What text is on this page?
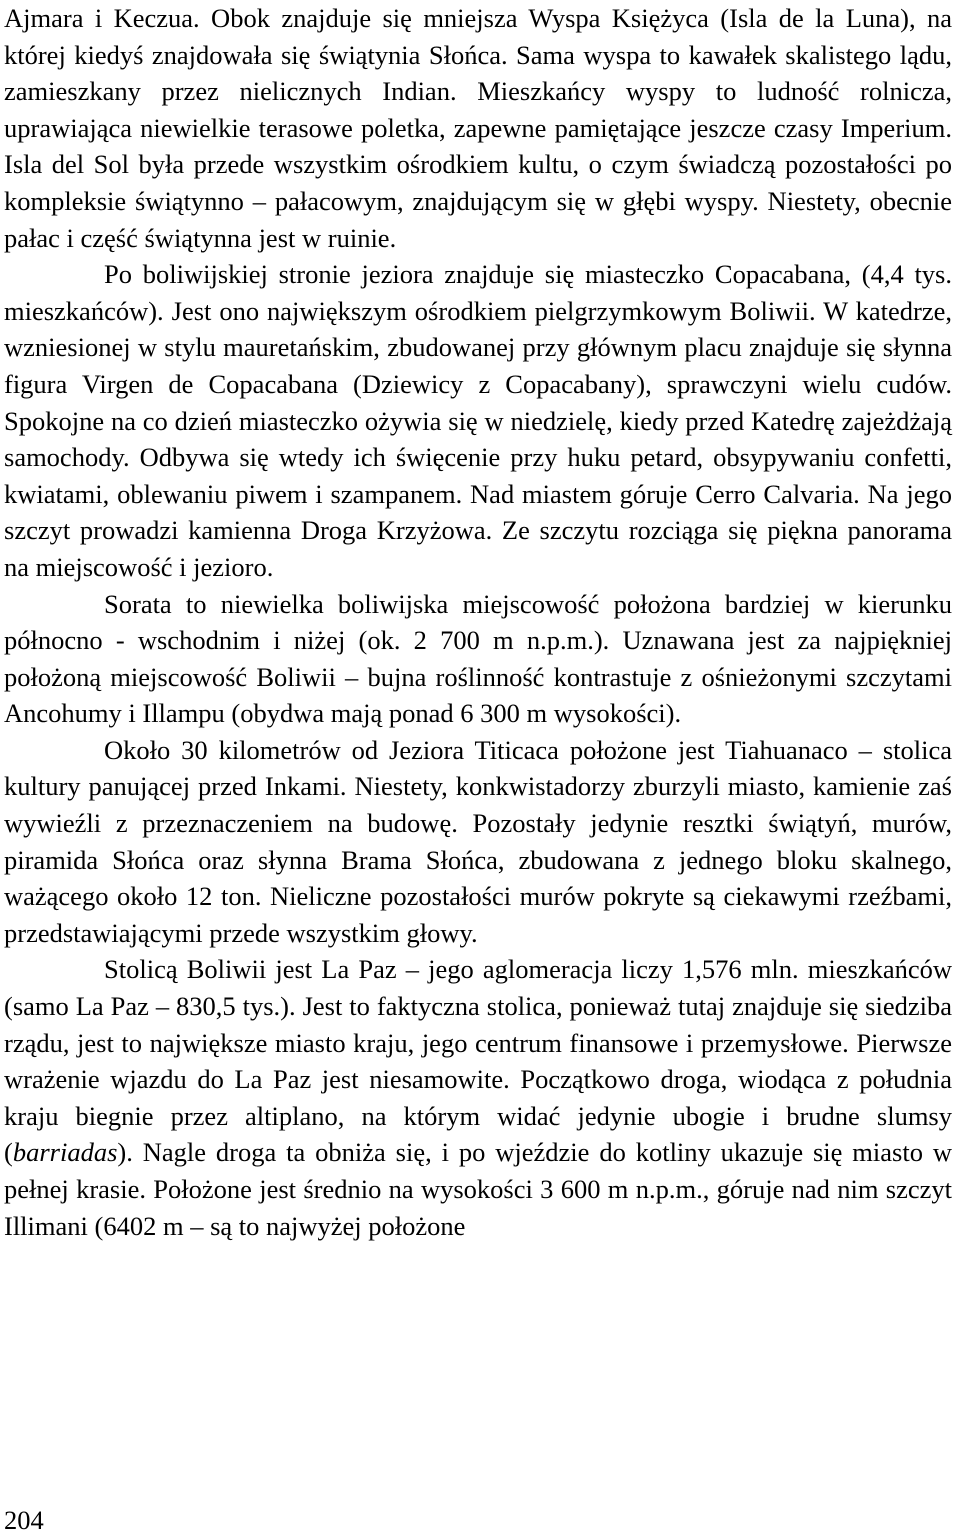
Ajmara i Keczua. Obok znajduje się mniejsza Wyspa Księżyca (Isla de la Luna), na której kiedyś znajdowała się świątynia Słońca. Sama wyspa to kawałek skalistego lądu, zamieszkany przez nielicznych Indian. Mieszkańcy wyspy to ludność rolnicza, uprawiająca niewielkie terasowe poletka, zapewne pamiętające jeszcze czasy Imperium. Isla del Sol była przede wszystkim ośrodkiem kultu, o czym świadczą pozostałości po kompleksie świątynno – pałacowym, znajdującym się w głębi wyspy. Niestety, obecnie pałac i część świątynna jest w ruinie.

Po boliwijskiej stronie jeziora znajduje się miasteczko Copacabana, (4,4 tys. mieszkańców). Jest ono największym ośrodkiem pielgrzymkowym Boliwii. W katedrze, wzniesionej w stylu mauretańskim, zbudowanej przy głównym placu znajduje się słynna figura Virgen de Copacabana (Dziewicy z Copacabany), sprawczyni wielu cudów. Spokojne na co dzień miasteczko ożywia się w niedzielę, kiedy przed Katedrę zajeżdżają samochody. Odbywa się wtedy ich święcenie przy huku petard, obsypywaniu confetti, kwiatami, oblewaniu piwem i szampanem. Nad miastem góruje Cerro Calvaria. Na jego szczyt prowadzi kamienna Droga Krzyżowa. Ze szczytu rozciąga się piękna panorama na miejscowość i jezioro.

Sorata to niewielka boliwijska miejscowość położona bardziej w kierunku północno - wschodnim i niżej (ok. 2 700 m n.p.m.). Uznawana jest za najpiękniej położoną miejscowość Boliwii – bujna roślinność kontrastuje z ośnieżonymi szczytami Ancohumy i Illampu (obydwa mają ponad 6 300 m wysokości).

Około 30 kilometrów od Jeziora Titicaca położone jest Tiahuanaco – stolica kultury panującej przed Inkami. Niestety, konkwistadorzy zburzyli miasto, kamienie zaś wywieźli z przeznaczeniem na budowę. Pozostały jedynie resztki świątyń, murów, piramida Słońca oraz słynna Brama Słońca, zbudowana z jednego bloku skalnego, ważącego około 12 ton. Nieliczne pozostałości murów pokryte są ciekawymi rzeźbami, przedstawiającymi przede wszystkim głowy.

Stolicą Boliwii jest La Paz – jego aglomeracja liczy 1,576 mln. mieszkańców (samo La Paz – 830,5 tys.). Jest to faktyczna stolica, ponieważ tutaj znajduje się siedziba rządu, jest to największe miasto kraju, jego centrum finansowe i przemysłowe. Pierwsze wrażenie wjazdu do La Paz jest niesamowite. Początkowo droga, wiodąca z południa kraju biegnie przez altiplano, na którym widać jedynie ubogie i brudne slumsy (barriadas). Nagle droga ta obniża się, i po wjeździe do kotliny ukazuje się miasto w pełnej krasie. Położone jest średnio na wysokości 3 600 m n.p.m., góruje nad nim szczyt Illimani (6402 m – są to najwyżej położone

204
